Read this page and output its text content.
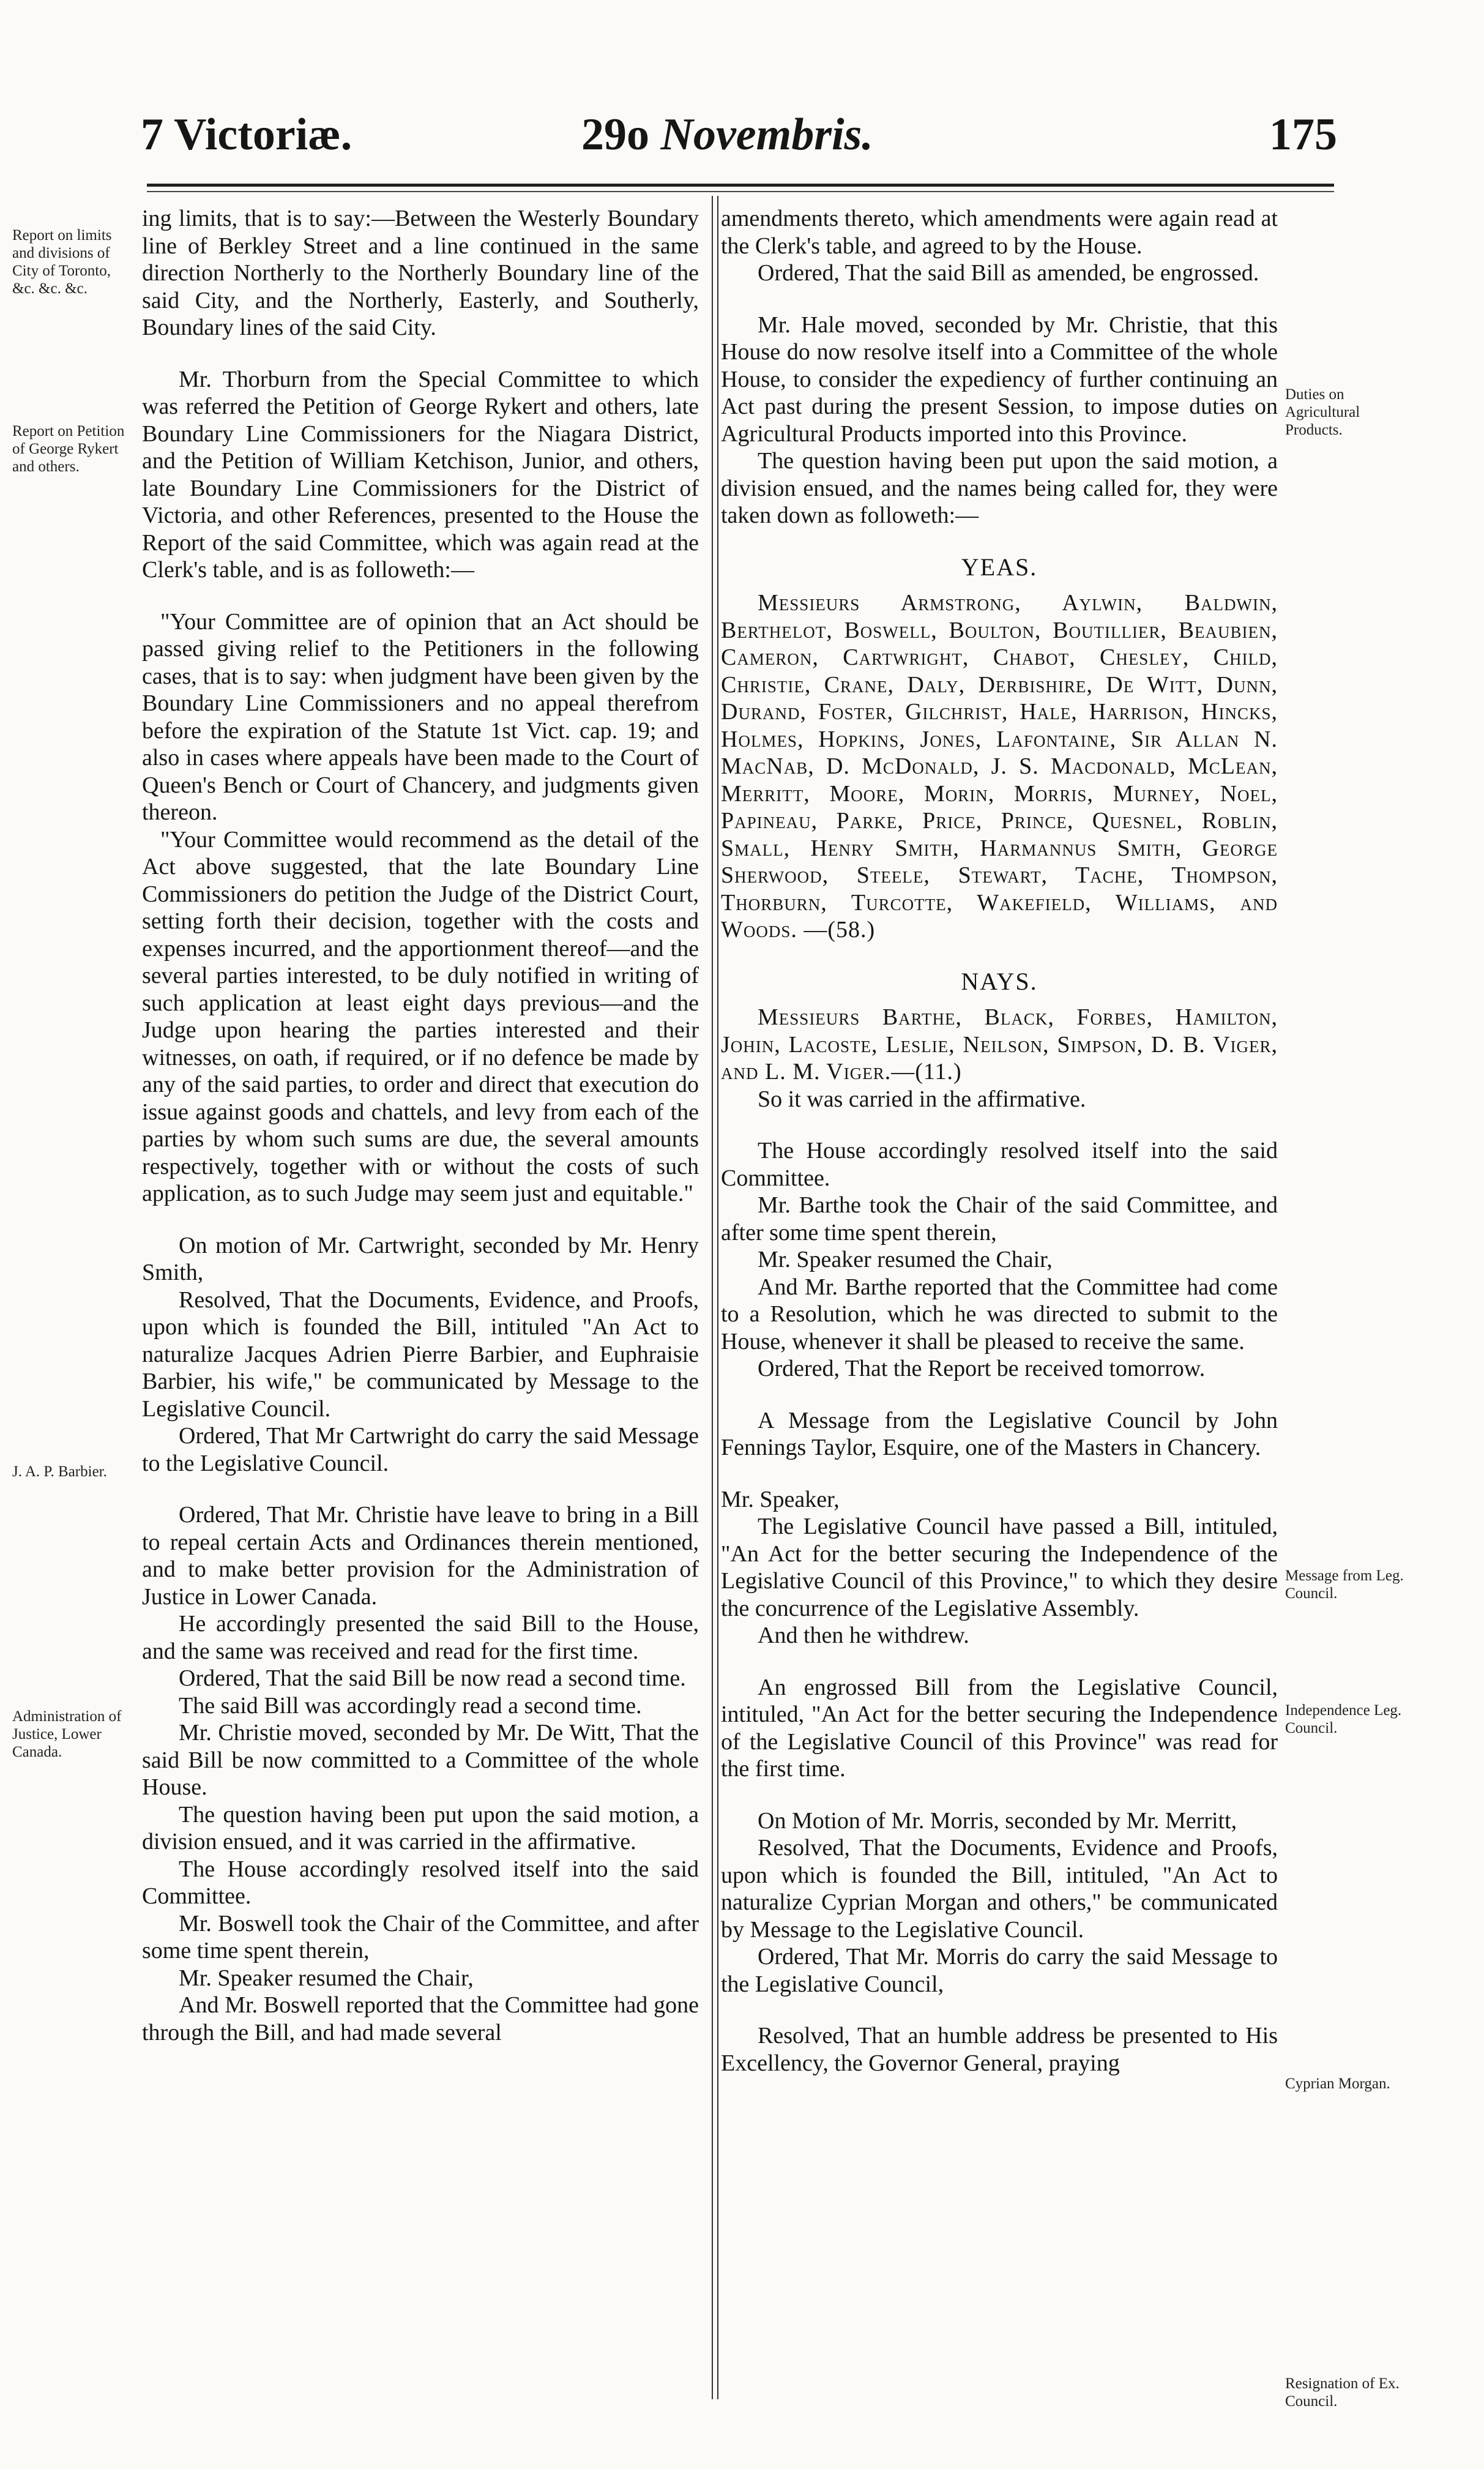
7 Victoriæ.	29o Novembris.	175
Report on limits and divisions of City of Toronto, &c. &c. &c.
Report on Petition of George Rykert and others.
J. A. P. Barbier.
Administration of Justice, Lower Canada.
Duties on Agricultural Products.
Message from Leg. Council.
Independence Leg. Council.
Cyprian Morgan.
Resignation of Ex. Council.

ing limits, that is to say:—Between the Westerly Boundary line of Berkley Street and a line continued in the same direction Northerly to the Northerly Boundary line of the said City, and the Northerly, Easterly, and Southerly, Boundary lines of the said City.

Mr. Thorburn from the Special Committee to which was referred the Petition of George Rykert and others, late Boundary Line Commissioners for the Niagara District, and the Petition of William Ketchison, Junior, and others, late Boundary Line Commissioners for the District of Victoria, and other References, presented to the House the Report of the said Committee, which was again read at the Clerk's table, and is as followeth:—

"Your Committee are of opinion that an Act should be passed giving relief to the Petitioners in the following cases, that is to say: when judgment have been given by the Boundary Line Commissioners and no appeal therefrom before the expiration of the Statute 1st Vict. cap. 19; and also in cases where appeals have been made to the Court of Queen's Bench or Court of Chancery, and judgments given thereon.

"Your Committee would recommend as the detail of the Act above suggested, that the late Boundary Line Commissioners do petition the Judge of the District Court, setting forth their decision, together with the costs and expenses incurred, and the apportionment thereof—and the several parties interested, to be duly notified in writing of such application at least eight days previous—and the Judge upon hearing the parties interested and their witnesses, on oath, if required, or if no defence be made by any of the said parties, to order and direct that execution do issue against goods and chattels, and levy from each of the parties by whom such sums are due, the several amounts respectively, together with or without the costs of such application, as to such Judge may seem just and equitable."

On motion of Mr. Cartwright, seconded by Mr. Henry Smith,

Resolved, That the Documents, Evidence, and Proofs, upon which is founded the Bill, intituled "An Act to naturalize Jacques Adrien Pierre Barbier, and Euphraisie Barbier, his wife," be communicated by Message to the Legislative Council.

Ordered, That Mr Cartwright do carry the said Message to the Legislative Council.

Ordered, That Mr. Christie have leave to bring in a Bill to repeal certain Acts and Ordinances therein mentioned, and to make better provision for the Administration of Justice in Lower Canada.

He accordingly presented the said Bill to the House, and the same was received and read for the first time.

Ordered, That the said Bill be now read a second time.

The said Bill was accordingly read a second time.

Mr. Christie moved, seconded by Mr. De Witt, That the said Bill be now committed to a Committee of the whole House.

The question having been put upon the said motion, a division ensued, and it was carried in the affirmative.

The House accordingly resolved itself into the said Committee.

Mr. Boswell took the Chair of the Committee, and after some time spent therein,

Mr. Speaker resumed the Chair,

And Mr. Boswell reported that the Committee had gone through the Bill, and had made several

amendments thereto, which amendments were again read at the Clerk's table, and agreed to by the House.

Ordered, That the said Bill as amended, be engrossed.

Mr. Hale moved, seconded by Mr. Christie, that this House do now resolve itself into a Committee of the whole House, to consider the expediency of further continuing an Act past during the present Session, to impose duties on Agricultural Products imported into this Province.

The question having been put upon the said motion, a division ensued, and the names being called for, they were taken down as followeth:—

YEAS.

Messieurs Armstrong, Aylwin, Baldwin, Berthelot, Boswell, Boulton, Boutillier, Beaubien, Cameron, Cartwright, Chabot, Chesley, Child, Christie, Crane, Daly, Derbishire, De Witt, Dunn, Durand, Foster, Gilchrist, Hale, Harrison, Hincks, Holmes, Hopkins, Jones, Lafontaine, Sir Allan N. MacNab, D. McDonald, J. S. Macdonald, McLean, Merritt, Moore, Morin, Morris, Murney, Noel, Papineau, Parke, Price, Prince, Quesnel, Roblin, Small, Henry Smith, Harmannus Smith, George Sherwood, Steele, Stewart, Tache, Thompson, Thorburn, Turcotte, Wakefield, Williams, and Woods. —(58.)

NAYS.

Messieurs Barthe, Black, Forbes, Hamilton, Johin, Lacoste, Leslie, Neilson, Simpson, D. B. Viger, and L. M. Viger.—(11.)

So it was carried in the affirmative.

The House accordingly resolved itself into the said Committee.

Mr. Barthe took the Chair of the said Committee, and after some time spent therein,

Mr. Speaker resumed the Chair,

And Mr. Barthe reported that the Committee had come to a Resolution, which he was directed to submit to the House, whenever it shall be pleased to receive the same.

Ordered, That the Report be received tomorrow.

A Message from the Legislative Council by John Fennings Taylor, Esquire, one of the Masters in Chancery.

Mr. Speaker,

The Legislative Council have passed a Bill, intituled, "An Act for the better securing the Independence of the Legislative Council of this Province," to which they desire the concurrence of the Legislative Assembly.

And then he withdrew.

An engrossed Bill from the Legislative Council, intituled, "An Act for the better securing the Independence of the Legislative Council of this Province" was read for the first time.

On Motion of Mr. Morris, seconded by Mr. Merritt,

Resolved, That the Documents, Evidence and Proofs, upon which is founded the Bill, intituled, "An Act to naturalize Cyprian Morgan and others," be communicated by Message to the Legislative Council.

Ordered, That Mr. Morris do carry the said Message to the Legislative Council,

Resolved, That an humble address be presented to His Excellency, the Governor General, praying
